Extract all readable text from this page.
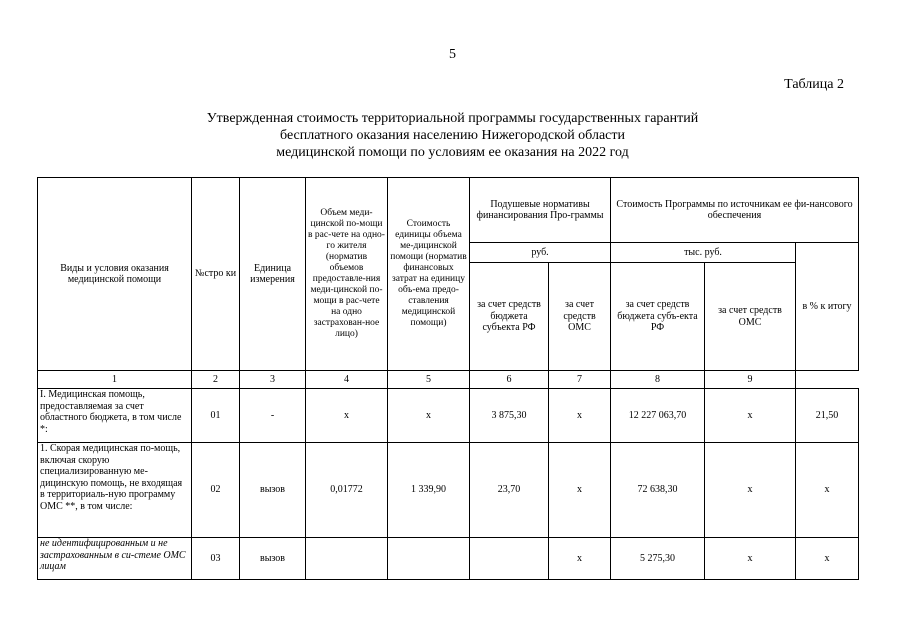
5
Таблица 2
Утвержденная стоимость территориальной программы государственных гарантий
бесплатного оказания населению Нижегородской области
медицинской помощи по условиям ее оказания на 2022 год
Виды и условия оказания медицинской помощи	№стро ки	Единица измерения	Объем меди-цинской по-мощи в рас-чете на одно-го жителя (норматив объемов предоставле-ния меди-цинской по-мощи в рас-чете на одно застрахован-ное лицо)	Стоимость единицы объема ме-дицинской помощи (норматив финансовых затрат на единицу объ-ема предо-ставления медицинской помощи)	Подушевые нормативы финансирования Про-граммы		Стоимость Программы по источникам ее фи-нансового обеспечения		
					руб.		тыс. руб.		в % к итогу
					за счет средств бюджета субъекта РФ	за счет средств ОМС	за счет средств бюджета субъ-екта РФ	за счет средств ОМС	
1	2	3	4	5	6	7	8	9	
I. Медицинская помощь, предоставляемая за счет областного бюджета, в том числе *:	01	-	х	х	3 875,30	х	12 227 063,70	х	21,50
1. Скорая медицинская по-мощь, включая скорую специализированную ме-дицинскую помощь, не входящая в территориаль-ную программу ОМС **, в том числе:	02	вызов	0,01772	1 339,90	23,70	х	72 638,30	х	х
не идентифицированным и не застрахованным в си-стеме ОМС лицам	03	вызов				х	5 275,30	х	х
